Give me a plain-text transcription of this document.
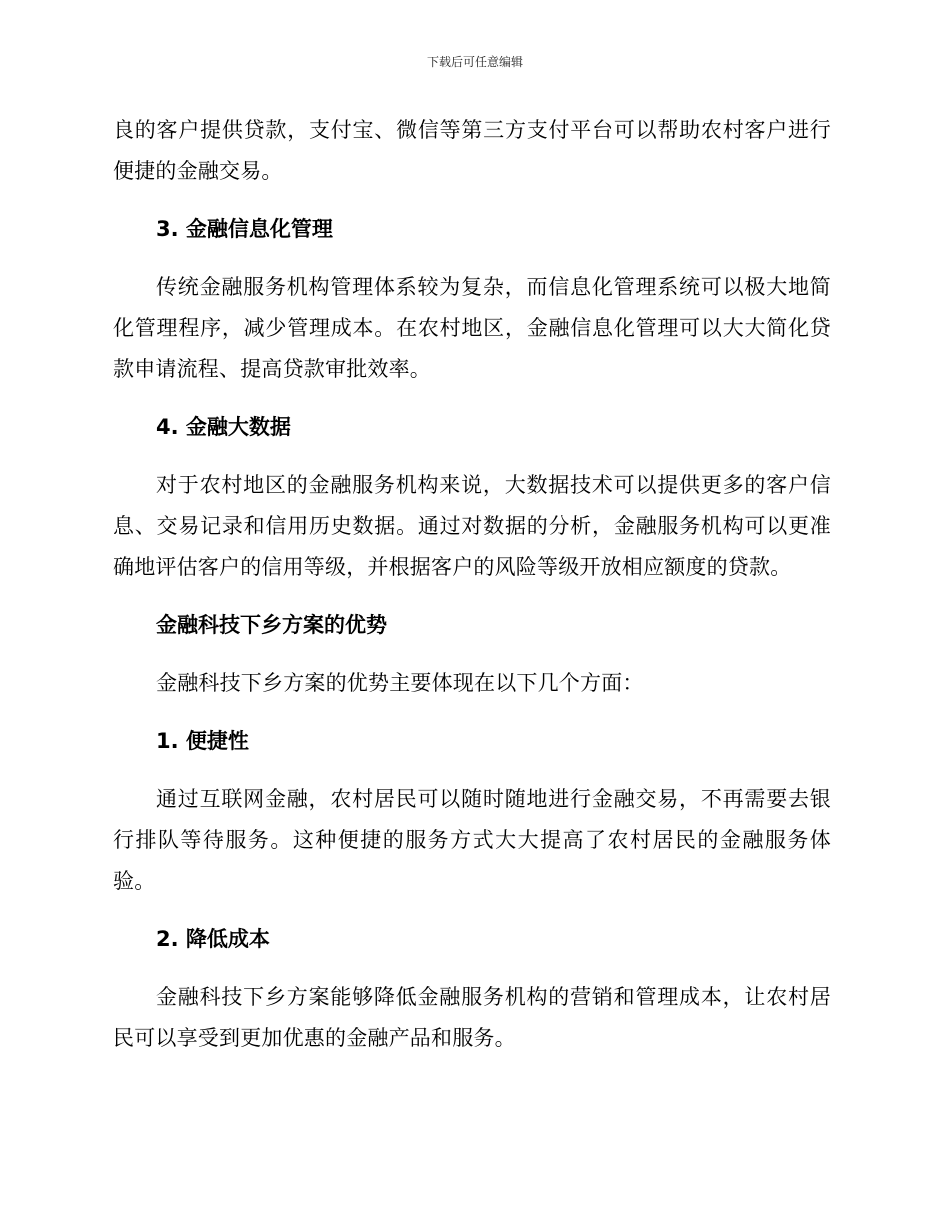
下载后可任意编辑

良的客户提供贷款，支付宝、微信等第三方支付平台可以帮助农村客户进行便捷的金融交易。

3. 金融信息化管理

传统金融服务机构管理体系较为复杂，而信息化管理系统可以极大地简化管理程序，减少管理成本。在农村地区，金融信息化管理可以大大简化贷款申请流程、提高贷款审批效率。

4. 金融大数据

对于农村地区的金融服务机构来说，大数据技术可以提供更多的客户信息、交易记录和信用历史数据。通过对数据的分析，金融服务机构可以更准确地评估客户的信用等级，并根据客户的风险等级开放相应额度的贷款。

金融科技下乡方案的优势

金融科技下乡方案的优势主要体现在以下几个方面：

1. 便捷性

通过互联网金融，农村居民可以随时随地进行金融交易，不再需要去银行排队等待服务。这种便捷的服务方式大大提高了农村居民的金融服务体验。

2. 降低成本

金融科技下乡方案能够降低金融服务机构的营销和管理成本，让农村居民可以享受到更加优惠的金融产品和服务。
